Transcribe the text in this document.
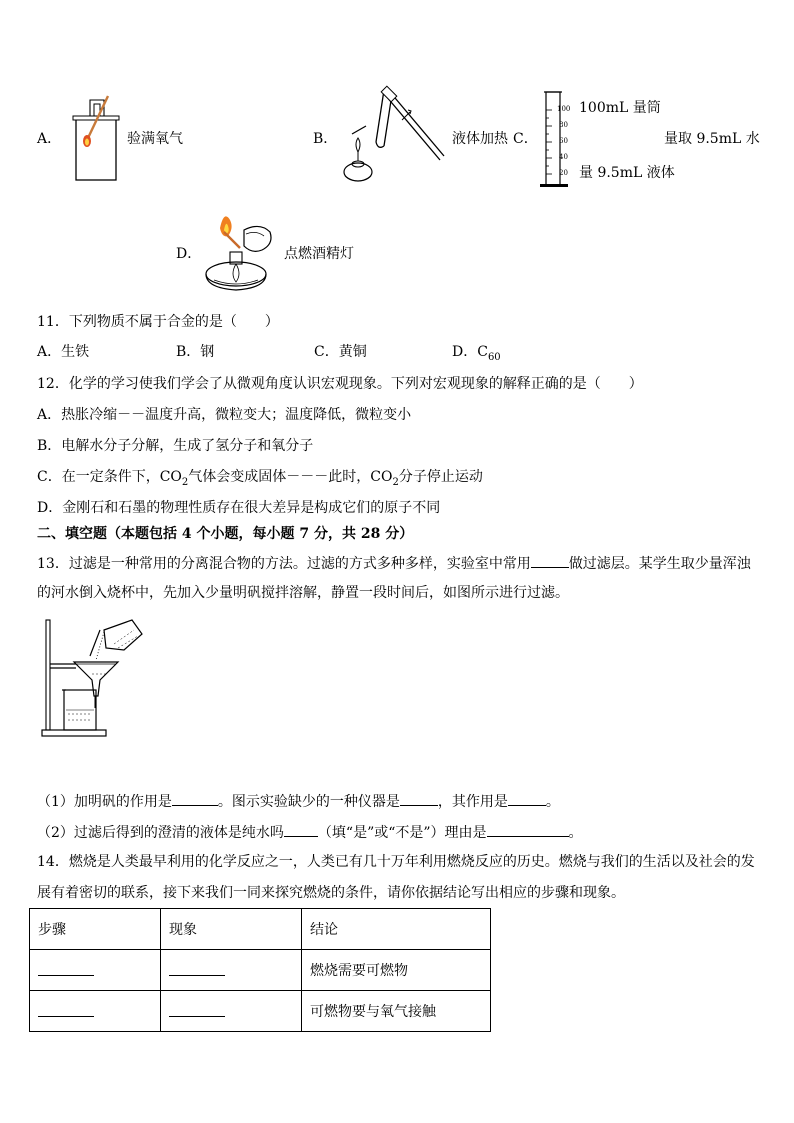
A．	验满氧气	B．	液体加热 C．
100
80
60
40
20
100mL 量筒
量取 9.5mL 水
量 9.5mL 液体
D．	点燃酒精灯
11．下列物质不属于合金的是（　　）
A．生铁	B．钢	C．黄铜	D．$C_{60}$
12．化学的学习使我们学会了从微观角度认识宏观现象。下列对宏观现象的解释正确的是（　　）
A．热胀冷缩－－温度升高，微粒变大；温度降低，微粒变小
B．电解水分子分解，生成了氢分子和氧分子
C．在一定条件下，$CO_2$气体会变成固体－－－此时，$CO_2$分子停止运动
D．金刚石和石墨的物理性质存在很大差异是构成它们的原子不同
二、填空题（本题包括 4 个小题，每小题 7 分，共 28 分）
13．过滤是一种常用的分离混合物的方法。过滤的方式多种多样，实验室中常用	做过滤层。某学生取少量浑浊
的河水倒入烧杯中，先加入少量明矾搅拌溶解，静置一段时间后，如图所示进行过滤。
（1）加明矾的作用是	。图示实验缺少的一种仪器是	，其作用是	。
（2）过滤后得到的澄清的液体是纯水吗 （填“是”或“不是”）理由是	。
14．燃烧是人类最早利用的化学反应之一，人类已有几十万年利用燃烧反应的历史。燃烧与我们的生活以及社会的发
展有着密切的联系，接下来我们一同来探究燃烧的条件，请你依据结论写出相应的步骤和现象。
步骤	现象	结论
		燃烧需要可燃物
		可燃物要与氧气接触
